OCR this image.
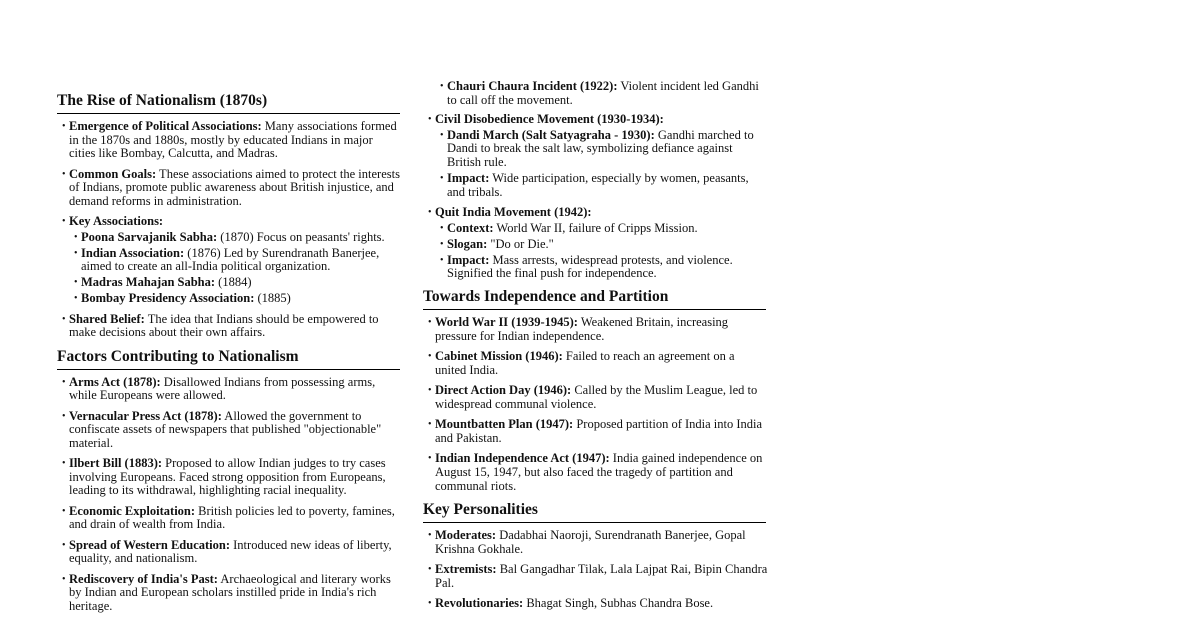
The Rise of Nationalism (1870s)
• Emergence of Political Associations: Many associations formed in the 1870s and 1880s, mostly by educated Indians in major cities like Bombay, Calcutta, and Madras.
• Common Goals: These associations aimed to protect the interests of Indians, promote public awareness about British injustice, and demand reforms in administration.
• Key Associations:
• Poona Sarvajanik Sabha: (1870) Focus on peasants' rights.
• Indian Association: (1876) Led by Surendranath Banerjee, aimed to create an all-India political organization.
• Madras Mahajan Sabha: (1884)
• Bombay Presidency Association: (1885)
• Shared Belief: The idea that Indians should be empowered to make decisions about their own affairs.
Factors Contributing to Nationalism
• Arms Act (1878): Disallowed Indians from possessing arms, while Europeans were allowed.
• Vernacular Press Act (1878): Allowed the government to confiscate assets of newspapers that published "objectionable" material.
• Ilbert Bill (1883): Proposed to allow Indian judges to try cases involving Europeans. Faced strong opposition from Europeans, leading to its withdrawal, highlighting racial inequality.
• Economic Exploitation: British policies led to poverty, famines, and drain of wealth from India.
• Spread of Western Education: Introduced new ideas of liberty, equality, and nationalism.
• Rediscovery of India's Past: Archaeological and literary works by Indian and European scholars instilled pride in India's rich heritage.
• Chauri Chaura Incident (1922): Violent incident led Gandhi to call off the movement.
• Civil Disobedience Movement (1930-1934):
• Dandi March (Salt Satyagraha - 1930): Gandhi marched to Dandi to break the salt law, symbolizing defiance against British rule.
• Impact: Wide participation, especially by women, peasants, and tribals.
• Quit India Movement (1942):
• Context: World War II, failure of Cripps Mission.
• Slogan: "Do or Die."
• Impact: Mass arrests, widespread protests, and violence. Signified the final push for independence.
Towards Independence and Partition
• World War II (1939-1945): Weakened Britain, increasing pressure for Indian independence.
• Cabinet Mission (1946): Failed to reach an agreement on a united India.
• Direct Action Day (1946): Called by the Muslim League, led to widespread communal violence.
• Mountbatten Plan (1947): Proposed partition of India into India and Pakistan.
• Indian Independence Act (1947): India gained independence on August 15, 1947, but also faced the tragedy of partition and communal riots.
Key Personalities
• Moderates: Dadabhai Naoroji, Surendranath Banerjee, Gopal Krishna Gokhale.
• Extremists: Bal Gangadhar Tilak, Lala Lajpat Rai, Bipin Chandra Pal.
• Revolutionaries: Bhagat Singh, Subhas Chandra Bose.
